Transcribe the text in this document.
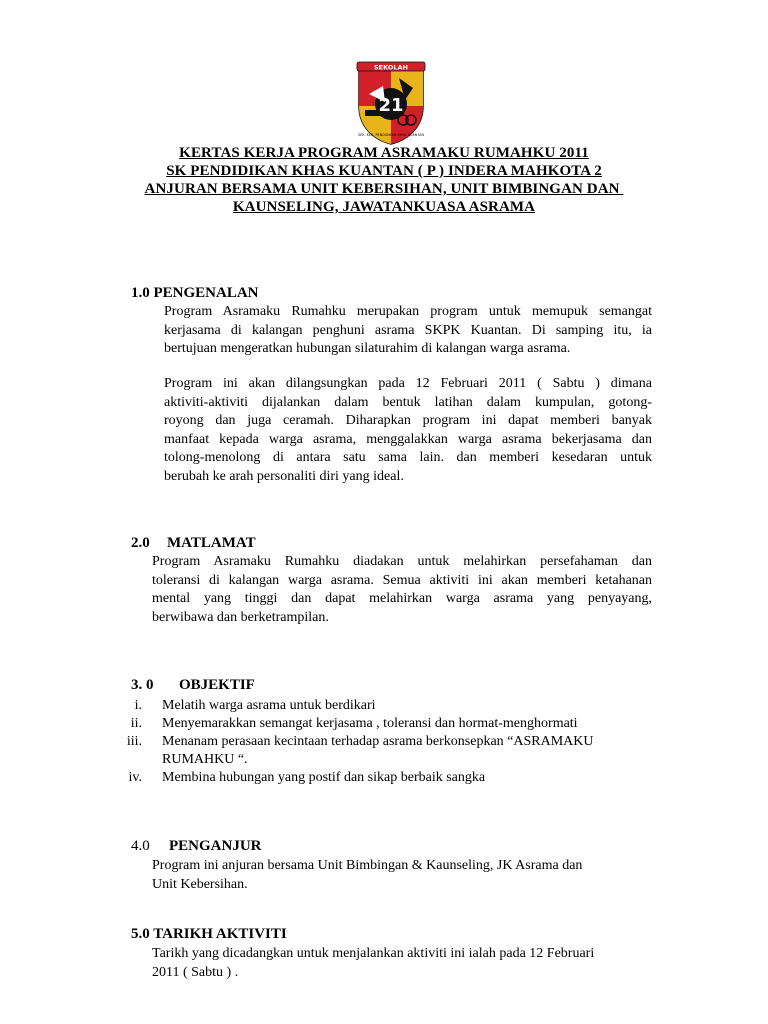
SEKOLAH
21
SEK. KEB. PENDIDIKAN KHAS KUANTAN
KERTAS KERJA PROGRAM ASRAMAKU RUMAHKU 2011
SK PENDIDIKAN KHAS KUANTAN ( P ) INDERA MAHKOTA 2
ANJURAN BERSAMA UNIT KEBERSIHAN, UNIT BIMBINGAN DAN
KAUNSELING, JAWATANKUASA ASRAMA

1.0 PENGENALAN

Program Asramaku Rumahku merupakan program untuk memupuk semangat
kerjasama di kalangan penghuni asrama SKPK Kuantan. Di samping itu, ia
bertujuan mengeratkan hubungan silaturahim di kalangan warga asrama.
Program ini akan dilangsungkan pada 12 Februari 2011 ( Sabtu ) dimana
aktiviti-aktiviti dijalankan dalam bentuk latihan dalam kumpulan, gotong-
royong dan juga ceramah. Diharapkan program ini dapat memberi banyak
manfaat kepada warga asrama, menggalakkan warga asrama bekerjasama dan
tolong-menolong di antara satu sama lain. dan memberi kesedaran untuk
berubah ke arah personaliti diri yang ideal.

2.0 MATLAMAT

Program Asramaku Rumahku diadakan untuk melahirkan persefahaman dan
toleransi di kalangan warga asrama. Semua aktiviti ini akan memberi ketahanan
mental yang tinggi dan dapat melahirkan warga asrama yang penyayang,
berwibawa dan berketrampilan.

3. 0 OBJEKTIF

i. Melatih warga asrama untuk berdikari
ii. Menyemarakkan semangat kerjasama , toleransi dan hormat-menghormati
iii. Menanam perasaan kecintaan terhadap asrama berkonsepkan “ASRAMAKU
RUMAHKU “.
iv. Membina hubungan yang postif dan sikap berbaik sangka

4.0 PENGANJUR

Program ini anjuran bersama Unit Bimbingan & Kaunseling, JK Asrama dan
Unit Kebersihan.

5.0 TARIKH AKTIVITI

Tarikh yang dicadangkan untuk menjalankan aktiviti ini ialah pada 12 Februari
2011 ( Sabtu ) .
